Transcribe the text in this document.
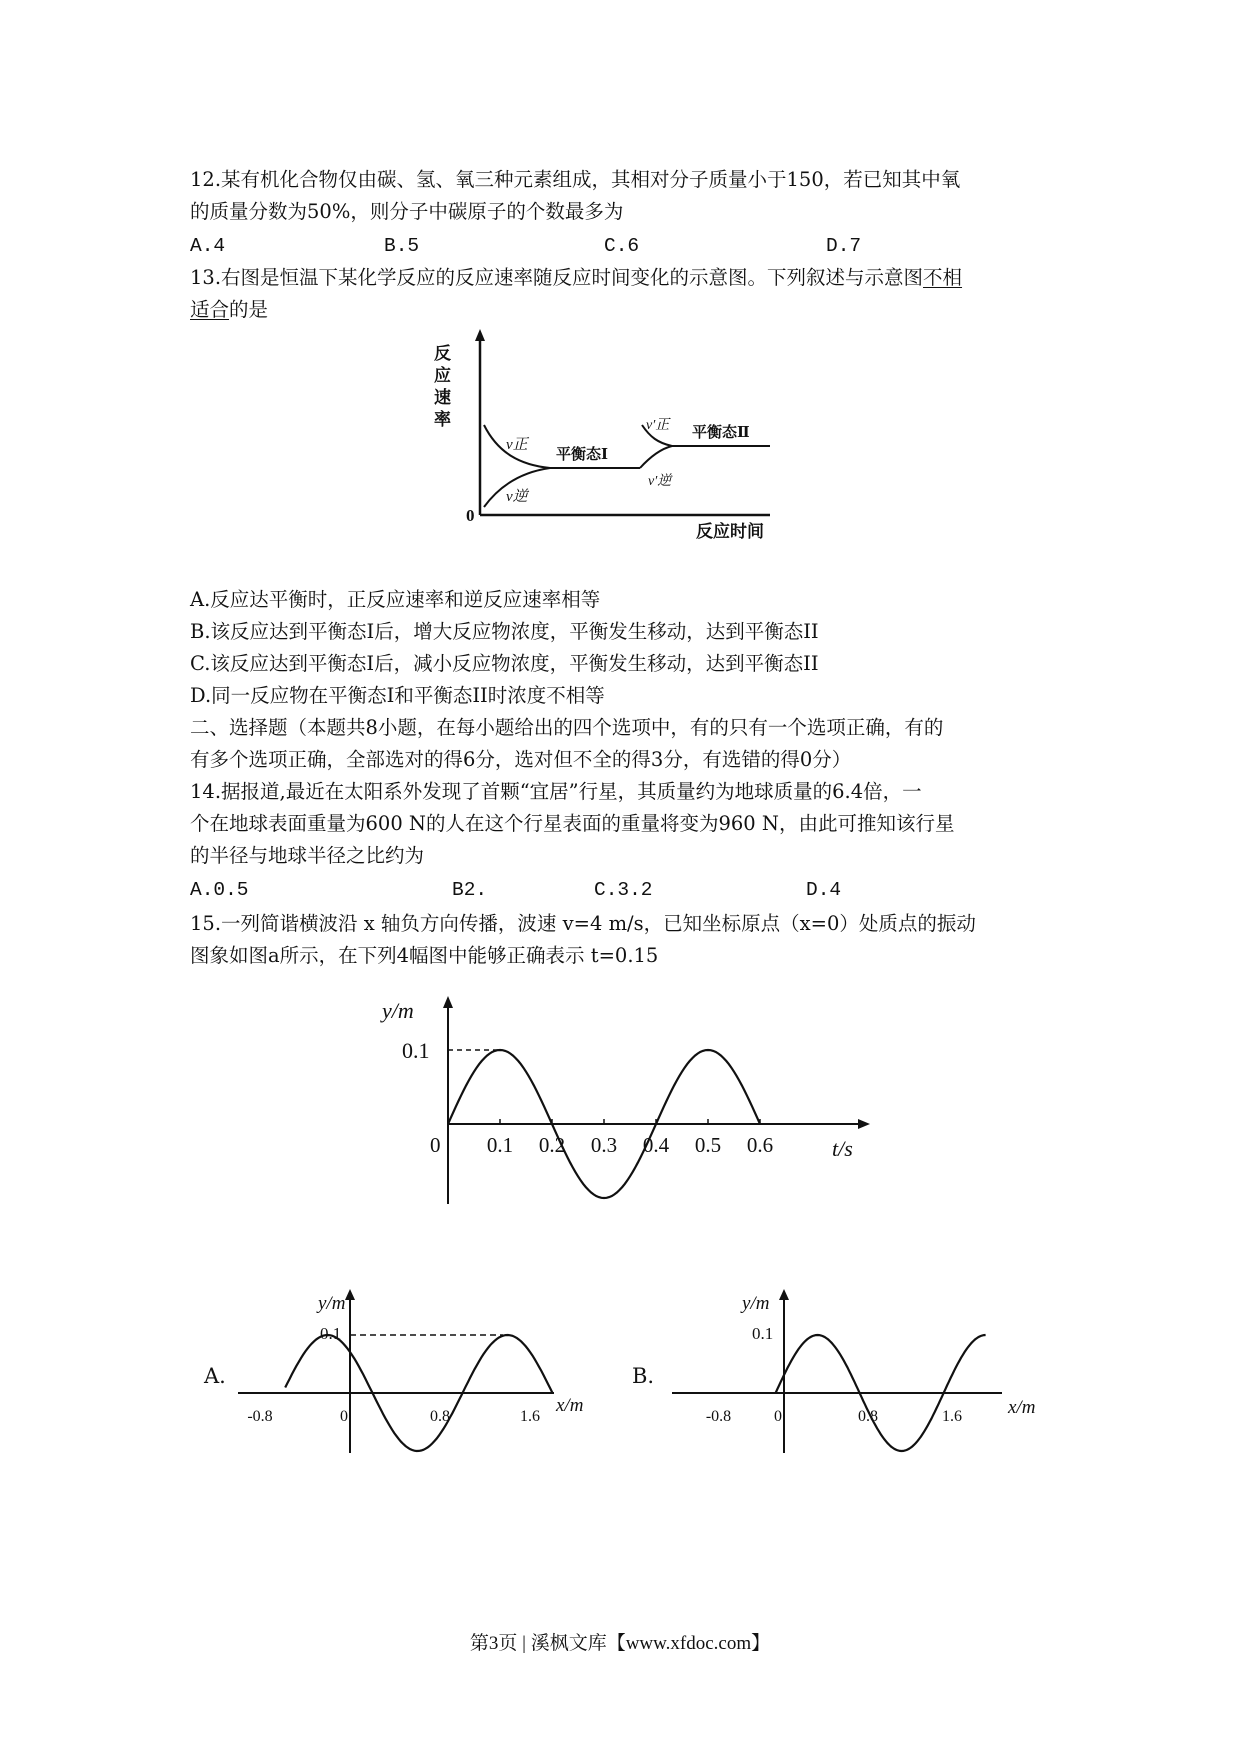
12.某有机化合物仅由碳、氢、氧三种元素组成，其相对分子质量小于150，若已知其中氧
的质量分数为50%，则分子中碳原子的个数最多为
A.4	B.5	C.6	D.7
13.右图是恒温下某化学反应的反应速率随反应时间变化的示意图。下列叙述与示意图不相
适合的是
反
应
速
率
0
反应时间
v正
v逆
平衡态Ⅰ
v′正
v′逆
平衡态Ⅱ
A.反应达平衡时，正反应速率和逆反应速率相等
B.该反应达到平衡态I后，增大反应物浓度，平衡发生移动，达到平衡态II
C.该反应达到平衡态I后，减小反应物浓度，平衡发生移动，达到平衡态II
D.同一反应物在平衡态I和平衡态II时浓度不相等
二、选择题（本题共8小题，在每小题给出的四个选项中，有的只有一个选项正确，有的
有多个选项正确，全部选对的得6分，选对但不全的得3分，有选错的得0分）
14.据报道,最近在太阳系外发现了首颗“宜居”行星，其质量约为地球质量的6.4倍，一
个在地球表面重量为600 N的人在这个行星表面的重量将变为960 N，由此可推知该行星
的半径与地球半径之比约为
A.0.5	B2.	C.3.2	D.4
15.一列简谐横波沿 x 轴负方向传播，波速 v=4 m/s，已知坐标原点（x=0）处质点的振动
图象如图a所示，在下列4幅图中能够正确表示 t=0.15
y/m
0.1
0 0.1 0.2 0.3 0.4 0.5 0.6	t/s
A.
y/m
0.1
-0.8	0	0.8	1.6
x/m
B.
y/m
0.1
-0.8	0	0.8	1.6 x/m
第3页 | 溪枫文库【www.xfdoc.com】
